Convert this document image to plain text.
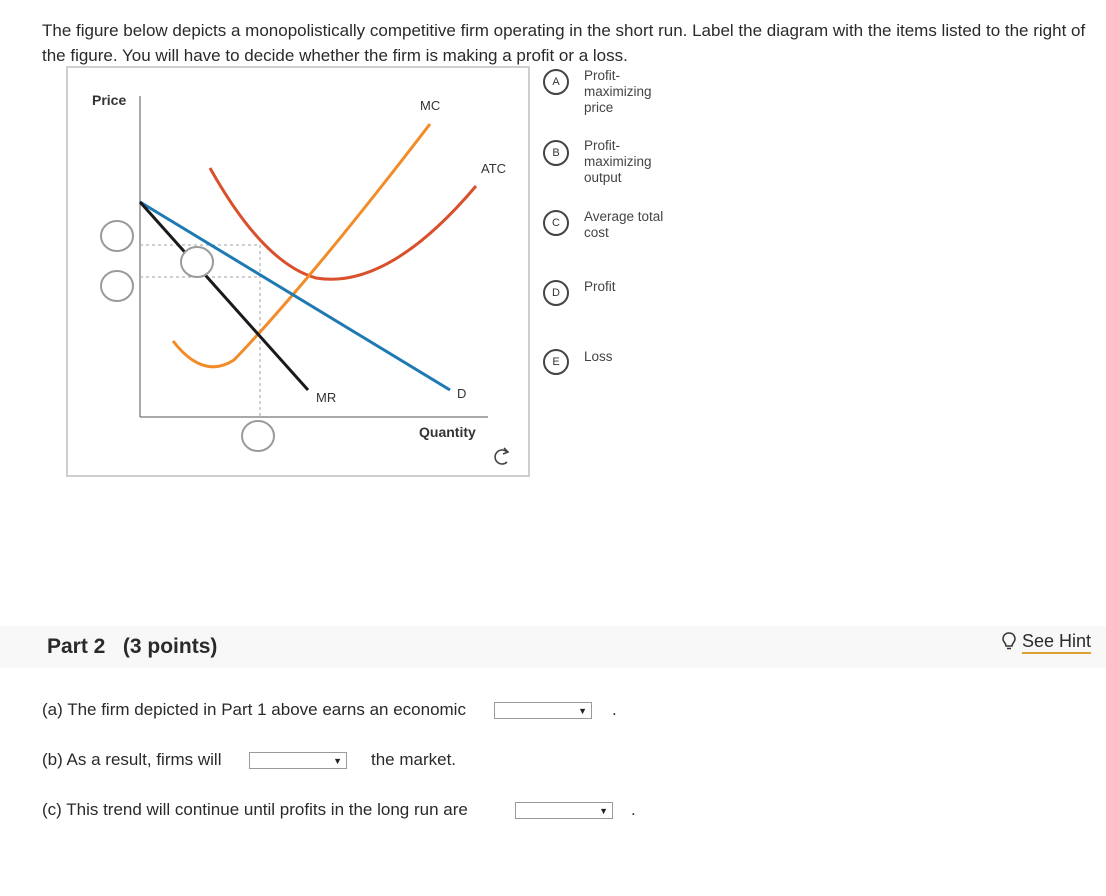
The figure below depicts a monopolistically competitive firm operating in the short run. Label the diagram with the items listed to the right of the figure. You will have to decide whether the firm is making a profit or a loss.
Price
Quantity
MC
ATC
MR	D
A	Profit-maximizing price
B	Profit-maximizing output
C	Average total cost
D	Profit
E	Loss
Part 2 (3 points)	See Hint
(a) The firm depicted in Part 1 above earns an economic	▼ .
(b) As a result, firms will	▼ the market.
(c) This trend will continue until profits in the long run are	▼ .
